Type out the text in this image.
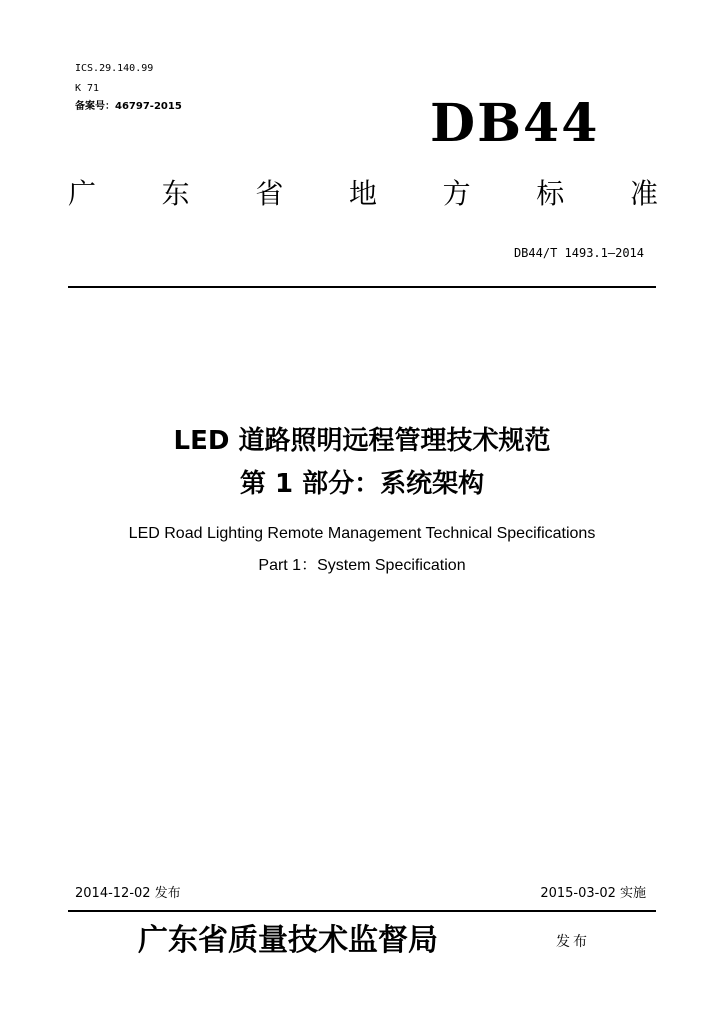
ICS.29.140.99
K 71
备案号：46797-2015	DB44
广 东 省 地 方 标 准
DB44/T 1493.1—2014
LED 道路照明远程管理技术规范
第 1 部分：系统架构
LED Road Lighting Remote Management Technical Specifications
Part 1：System Specification
2014-12-02 发布	2015-03-02 实施
广东省质量技术监督局	发布
